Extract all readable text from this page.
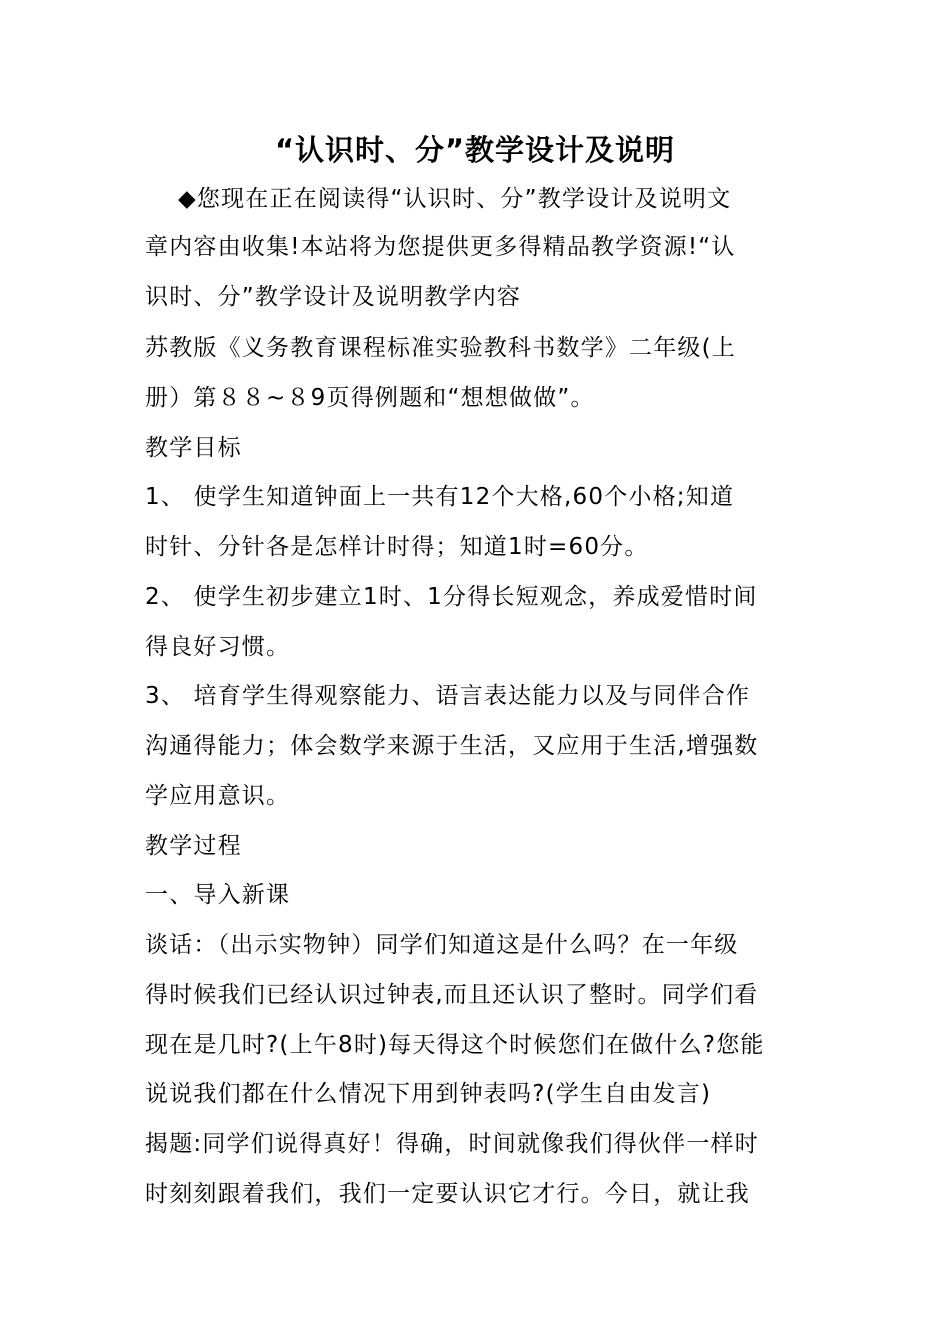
“认识时、分”教学设计及说明
◆您现在正在阅读得“认识时、分”教学设计及说明文
章内容由收集!本站将为您提供更多得精品教学资源!“认
识时、分”教学设计及说明教学内容
苏教版《义务教育课程标准实验教科书数学》二年级(上
册）第８８~８9页得例题和“想想做做”。
教学目标
1、 使学生知道钟面上一共有12个大格,60个小格;知道
时针、分针各是怎样计时得；知道1时=60分。
2、 使学生初步建立1时、1分得长短观念，养成爱惜时间
得良好习惯。
3、 培育学生得观察能力、语言表达能力以及与同伴合作
沟通得能力；体会数学来源于生活，又应用于生活,增强数
学应用意识。
教学过程
一、导入新课
谈话：（出示实物钟）同学们知道这是什么吗？在一年级
得时候我们已经认识过钟表,而且还认识了整时。同学们看
现在是几时?(上午8时)每天得这个时候您们在做什么?您能
说说我们都在什么情况下用到钟表吗?(学生自由发言)
揭题:同学们说得真好！得确，时间就像我们得伙伴一样时
时刻刻跟着我们，我们一定要认识它才行。今日，就让我
